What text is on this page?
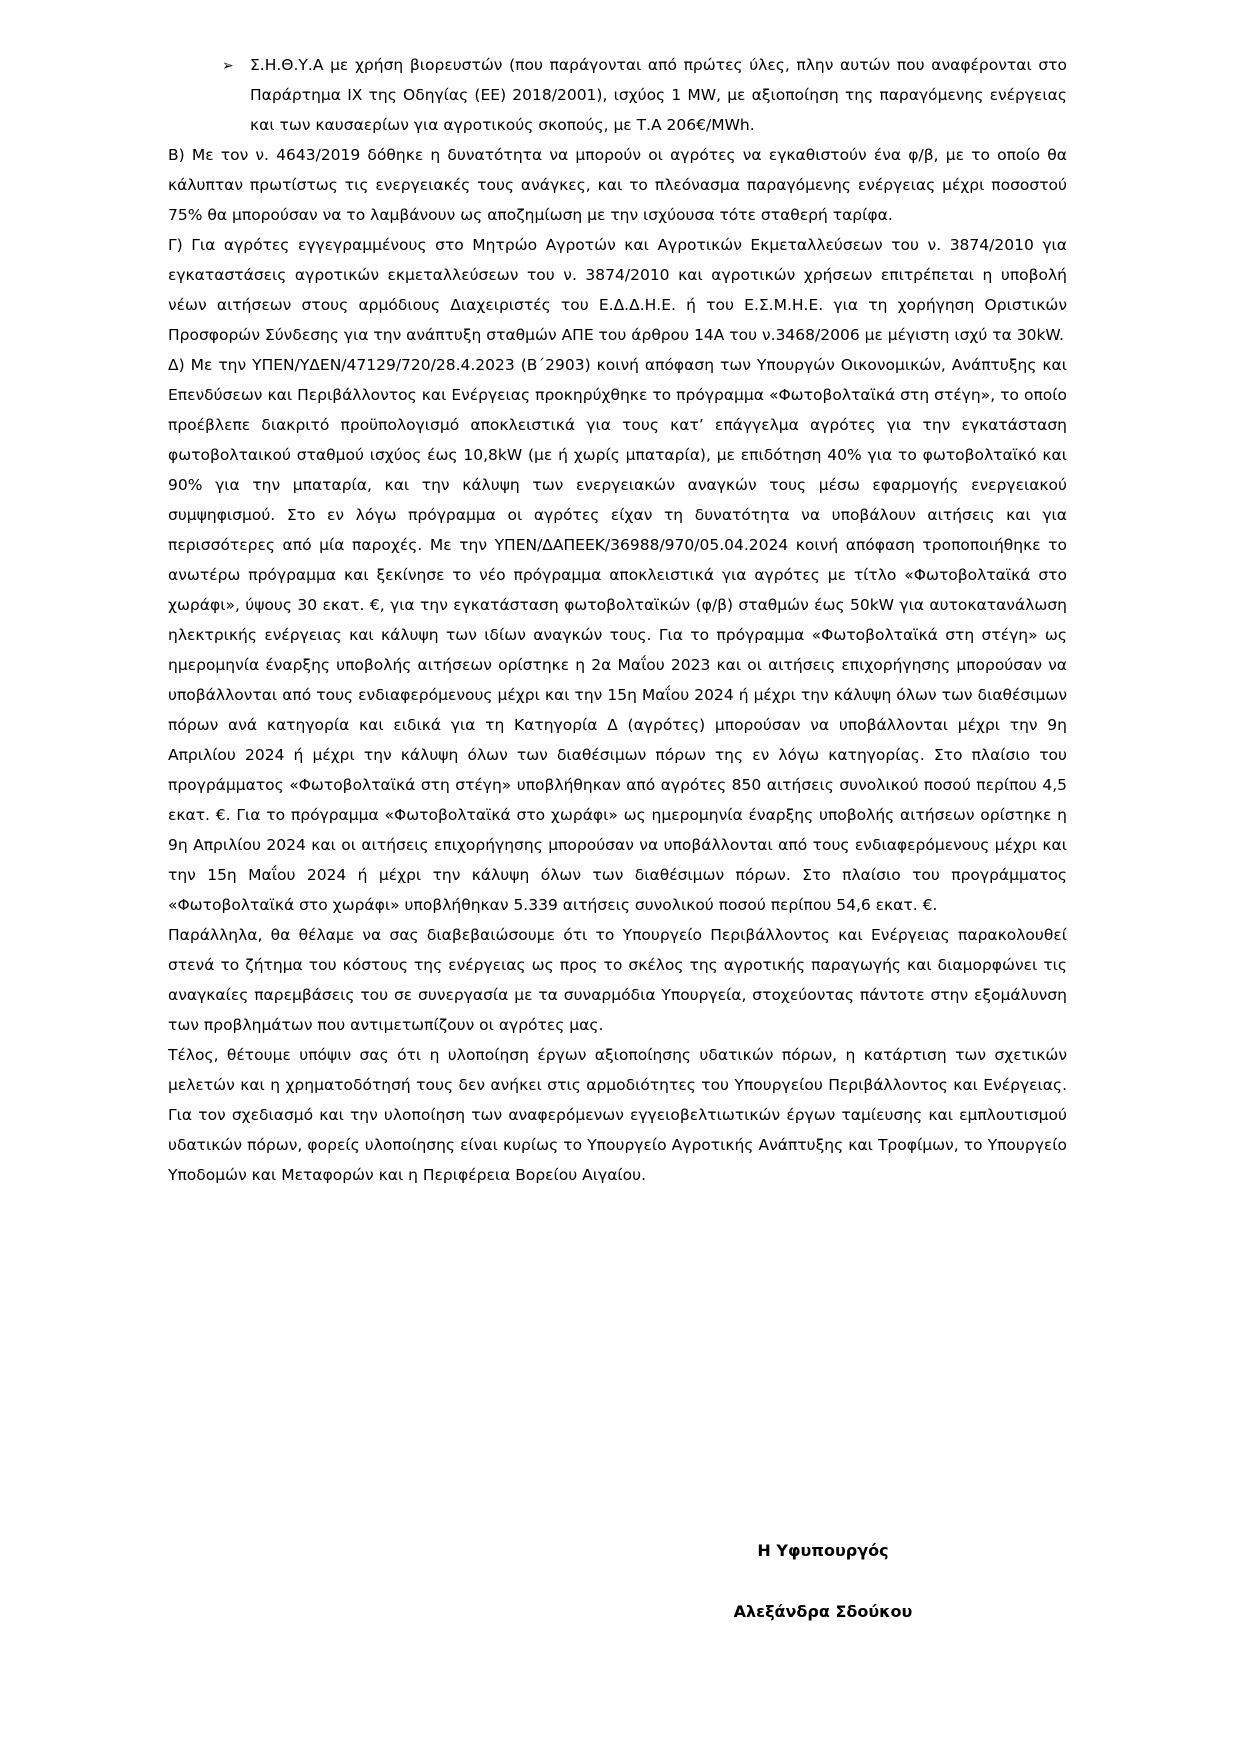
➢ Σ.Η.Θ.Υ.Α με χρήση βιορευστών (που παράγονται από πρώτες ύλες, πλην αυτών που αναφέρονται στο Παράρτημα IX της Οδηγίας (ΕΕ) 2018/2001), ισχύος 1 MW, με αξιοποίηση της παραγόμενης ενέργειας και των καυσαερίων για αγροτικούς σκοπούς, με Τ.Α 206€/MWh.

Β) Με τον ν. 4643/2019 δόθηκε η δυνατότητα να μπορούν οι αγρότες να εγκαθιστούν ένα φ/β, με το οποίο θα κάλυπταν πρωτίστως τις ενεργειακές τους ανάγκες, και το πλεόνασμα παραγόμενης ενέργειας μέχρι ποσοστού 75% θα μπορούσαν να το λαμβάνουν ως αποζημίωση με την ισχύουσα τότε σταθερή ταρίφα.

Γ) Για αγρότες εγγεγραμμένους στο Μητρώο Αγροτών και Αγροτικών Εκμεταλλεύσεων του ν. 3874/2010 για εγκαταστάσεις αγροτικών εκμεταλλεύσεων του ν. 3874/2010 και αγροτικών χρήσεων επιτρέπεται η υποβολή νέων αιτήσεων στους αρμόδιους Διαχειριστές του Ε.Δ.Δ.Η.Ε. ή του Ε.Σ.Μ.Η.Ε. για τη χορήγηση Οριστικών Προσφορών Σύνδεσης για την ανάπτυξη σταθμών ΑΠΕ του άρθρου 14Α του ν.3468/2006 με μέγιστη ισχύ τα 30kW.

Δ) Με την ΥΠΕΝ/ΥΔΕΝ/47129/720/28.4.2023 (Β΄2903) κοινή απόφαση των Υπουργών Οικονομικών, Ανάπτυξης και Επενδύσεων και Περιβάλλοντος και Ενέργειας προκηρύχθηκε το πρόγραμμα «Φωτοβολταϊκά στη στέγη», το οποίο προέβλεπε διακριτό προϋπολογισμό αποκλειστικά για τους κατ’ επάγγελμα αγρότες για την εγκατάσταση φωτοβολταικού σταθμού ισχύος έως 10,8kW (με ή χωρίς μπαταρία), με επιδότηση 40% για το φωτοβολταϊκό και 90% για την μπαταρία, και την κάλυψη των ενεργειακών αναγκών τους μέσω εφαρμογής ενεργειακού συμψηφισμού. Στο εν λόγω πρόγραμμα οι αγρότες είχαν τη δυνατότητα να υποβάλουν αιτήσεις και για περισσότερες από μία παροχές. Με την ΥΠΕΝ/ΔΑΠΕΕΚ/36988/970/05.04.2024 κοινή απόφαση τροποποιήθηκε το ανωτέρω πρόγραμμα και ξεκίνησε το νέο πρόγραμμα αποκλειστικά για αγρότες με τίτλο «Φωτοβολταϊκά στο χωράφι», ύψους 30 εκατ. €, για την εγκατάσταση φωτοβολταϊκών (φ/β) σταθμών έως 50kW για αυτοκατανάλωση ηλεκτρικής ενέργειας και κάλυψη των ιδίων αναγκών τους. Για το πρόγραμμα «Φωτοβολταϊκά στη στέγη» ως ημερομηνία έναρξης υποβολής αιτήσεων ορίστηκε η 2α Μαΐου 2023 και οι αιτήσεις επιχορήγησης μπορούσαν να υποβάλλονται από τους ενδιαφερόμενους μέχρι και την 15η Μαΐου 2024 ή μέχρι την κάλυψη όλων των διαθέσιμων πόρων ανά κατηγορία και ειδικά για τη Κατηγορία Δ (αγρότες) μπορούσαν να υποβάλλονται μέχρι την 9η Απριλίου 2024 ή μέχρι την κάλυψη όλων των διαθέσιμων πόρων της εν λόγω κατηγορίας. Στο πλαίσιο του προγράμματος «Φωτοβολταϊκά στη στέγη» υποβλήθηκαν από αγρότες 850 αιτήσεις συνολικού ποσού περίπου 4,5 εκατ. €. Για το πρόγραμμα «Φωτοβολταϊκά στο χωράφι» ως ημερομηνία έναρξης υποβολής αιτήσεων ορίστηκε η 9η Απριλίου 2024 και οι αιτήσεις επιχορήγησης μπορούσαν να υποβάλλονται από τους ενδιαφερόμενους μέχρι και την 15η Μαΐου 2024 ή μέχρι την κάλυψη όλων των διαθέσιμων πόρων. Στο πλαίσιο του προγράμματος «Φωτοβολταϊκά στο χωράφι» υποβλήθηκαν 5.339 αιτήσεις συνολικού ποσού περίπου 54,6 εκατ. €.

Παράλληλα, θα θέλαμε να σας διαβεβαιώσουμε ότι το Υπουργείο Περιβάλλοντος και Ενέργειας παρακολουθεί στενά το ζήτημα του κόστους της ενέργειας ως προς το σκέλος της αγροτικής παραγωγής και διαμορφώνει τις αναγκαίες παρεμβάσεις του σε συνεργασία με τα συναρμόδια Υπουργεία, στοχεύοντας πάντοτε στην εξομάλυνση των προβλημάτων που αντιμετωπίζουν οι αγρότες μας.

Τέλος, θέτουμε υπόψιν σας ότι η υλοποίηση έργων αξιοποίησης υδατικών πόρων, η κατάρτιση των σχετικών μελετών και η χρηματοδότησή τους δεν ανήκει στις αρμοδιότητες του Υπουργείου Περιβάλλοντος και Ενέργειας. Για τον σχεδιασμό και την υλοποίηση των αναφερόμενων εγγειοβελτιωτικών έργων ταμίευσης και εμπλουτισμού υδατικών πόρων, φορείς υλοποίησης είναι κυρίως το Υπουργείο Αγροτικής Ανάπτυξης και Τροφίμων, το Υπουργείο Υποδομών και Μεταφορών και η Περιφέρεια Βορείου Αιγαίου.

Η Υφυπουργός
Αλεξάνδρα Σδούκου
